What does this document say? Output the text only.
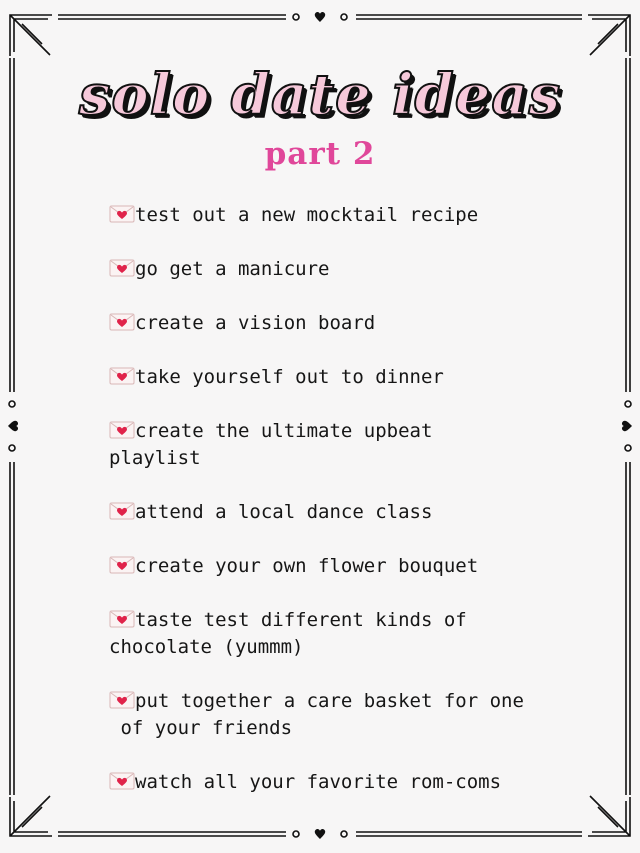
solo date ideas
part 2
test out a new mocktail recipe
go get a manicure
create a vision board
take yourself out to dinner
create the ultimate upbeat
playlist
attend a local dance class
create your own flower bouquet
taste test different kinds of
chocolate (yummm)
put together a care basket for one
of your friends
watch all your favorite rom-coms
